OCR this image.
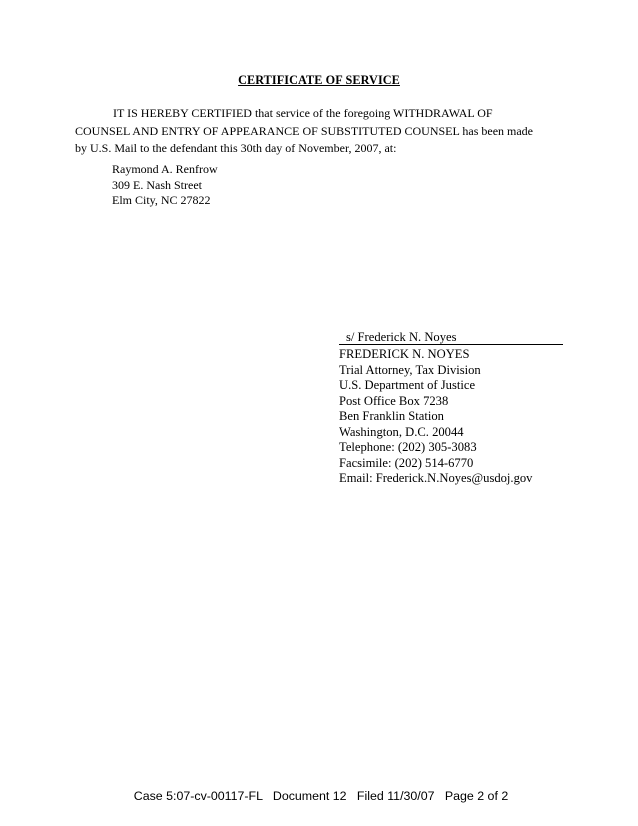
CERTIFICATE OF SERVICE
IT IS HEREBY CERTIFIED that service of the foregoing WITHDRAWAL OF
COUNSEL AND ENTRY OF APPEARANCE OF SUBSTITUTED COUNSEL has been made
by U.S. Mail to the defendant this 30th day of November, 2007, at:
Raymond A. Renfrow
309 E. Nash Street
Elm City, NC 27822
s/ Frederick N. Noyes
FREDERICK N. NOYES
Trial Attorney, Tax Division
U.S. Department of Justice
Post Office Box 7238
Ben Franklin Station
Washington, D.C. 20044
Telephone: (202) 305-3083
Facsimile: (202) 514-6770
Email: Frederick.N.Noyes@usdoj.gov
Case 5:07-cv-00117-FL   Document 12   Filed 11/30/07   Page 2 of 2
